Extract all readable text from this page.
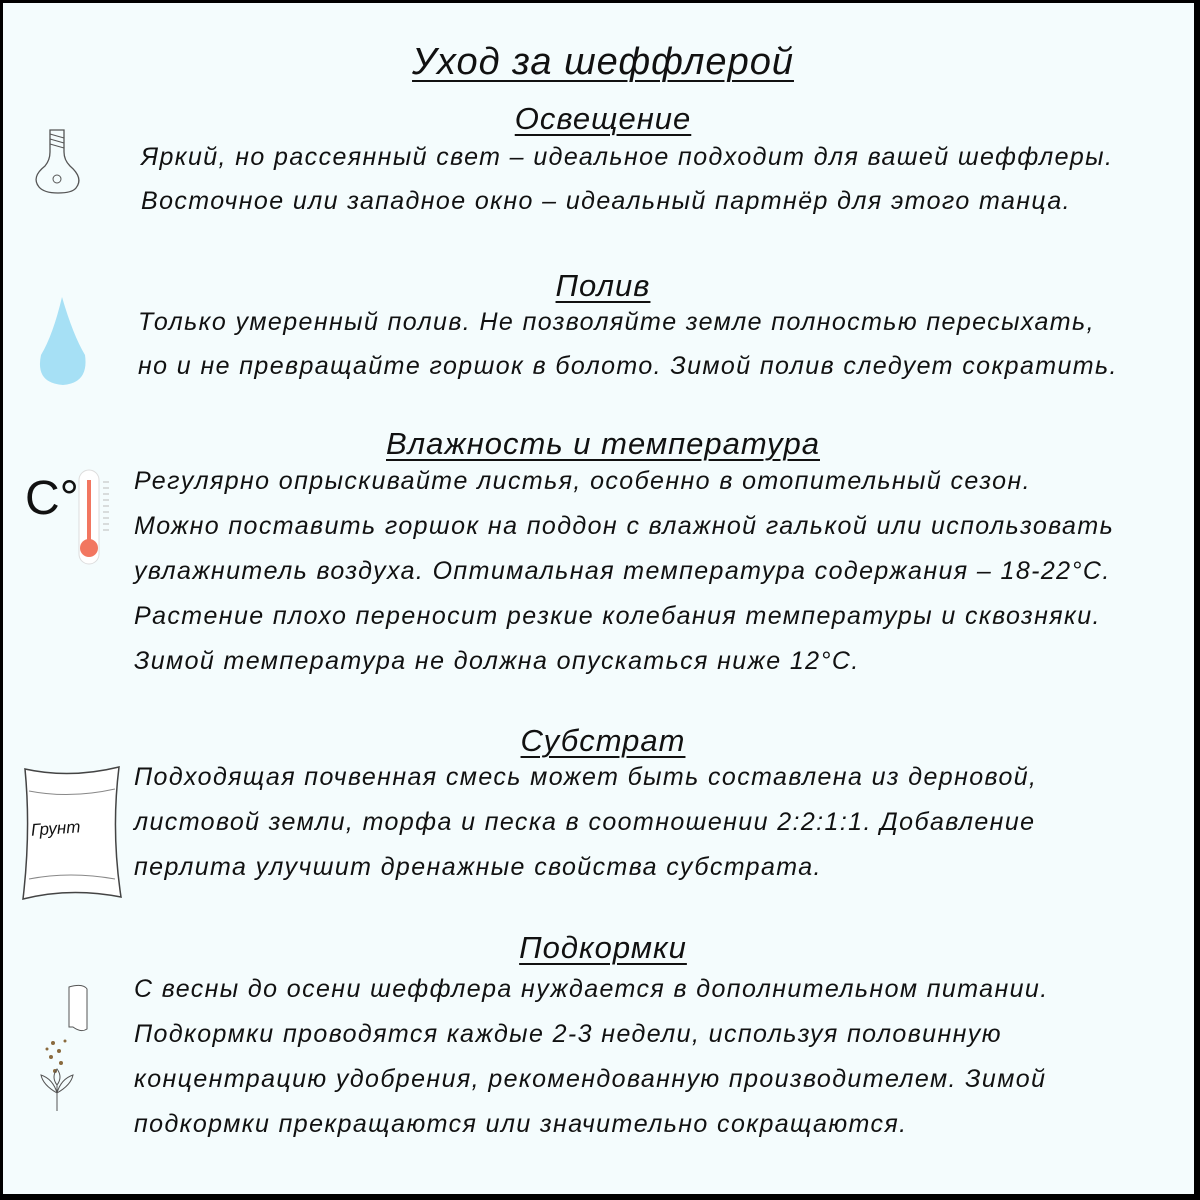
Уход за шеффлерой
Освещение
Яркий, но рассеянный свет – идеальное подходит для вашей шеффлеры.
Восточное или западное окно – идеальный партнёр для этого танца.
Полив
Только умеренный полив. Не позволяйте земле полностью пересыхать,
но и не превращайте горшок в болото. Зимой полив следует сократить.
Влажность и температура
C° Регулярно опрыскивайте листья, особенно в отопительный сезон.
Можно поставить горшок на поддон с влажной галькой или использовать
увлажнитель воздуха. Оптимальная температура содержания – 18-22°C.
Растение плохо переносит резкие колебания температуры и сквозняки.
Зимой температура не должна опускаться ниже 12°C.
Субстрат
Грунт
Подходящая почвенная смесь может быть составлена из дерновой,
листовой земли, торфа и песка в соотношении 2:2:1:1. Добавление
перлита улучшит дренажные свойства субстрата.
Подкормки
С весны до осени шеффлера нуждается в дополнительном питании.
Подкормки проводятся каждые 2-3 недели, используя половинную
концентрацию удобрения, рекомендованную производителем. Зимой
подкормки прекращаются или значительно сокращаются.
